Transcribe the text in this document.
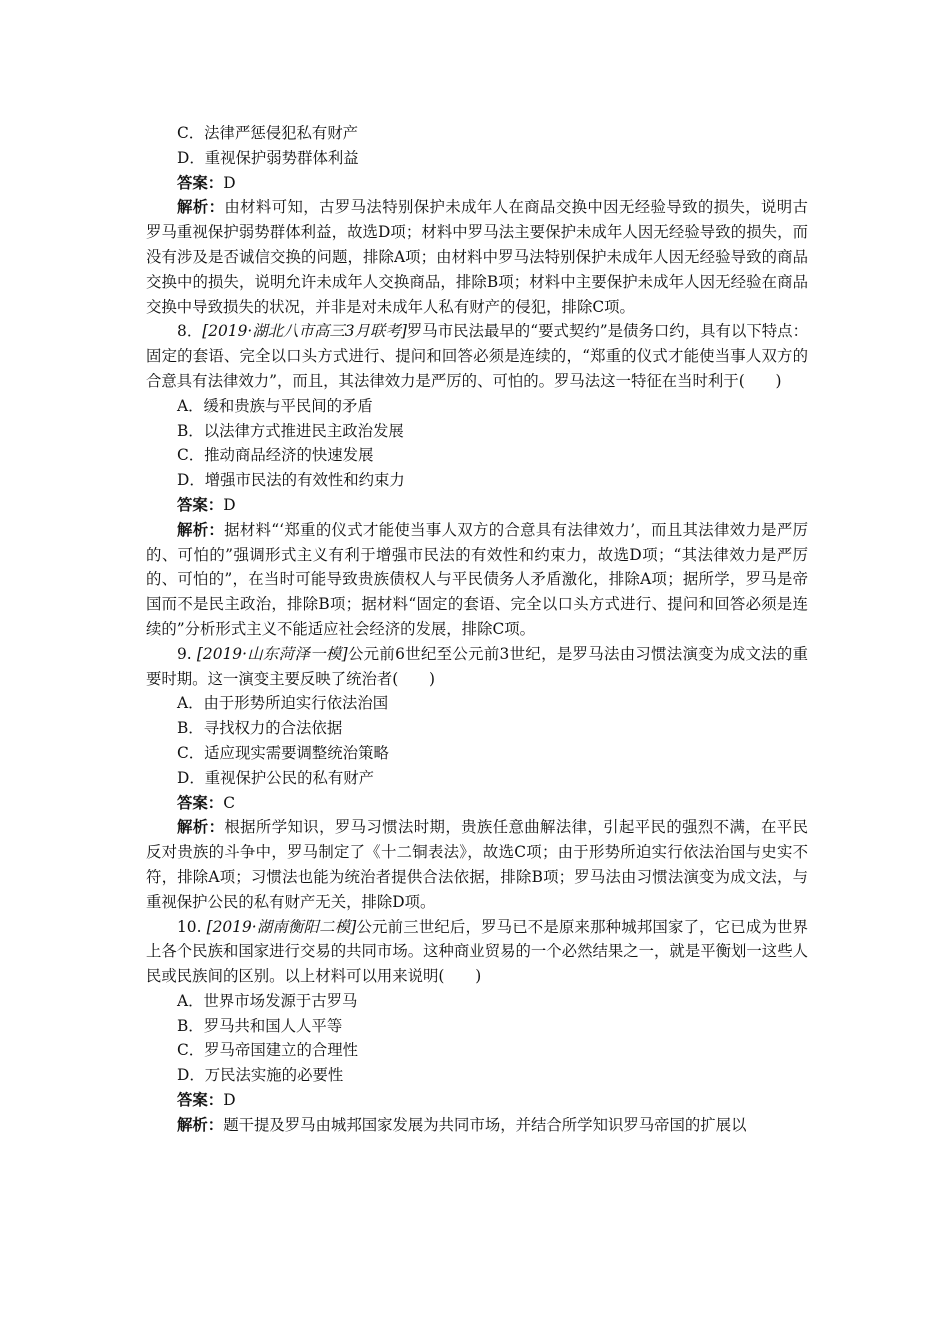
C．法律严惩侵犯私有财产

D．重视保护弱势群体利益

答案：D

解析：由材料可知，古罗马法特别保护未成年人在商品交换中因无经验导致的损失，说明古罗马重视保护弱势群体利益，故选D项；材料中罗马法主要保护未成年人因无经验导致的损失，而没有涉及是否诚信交换的问题，排除A项；由材料中罗马法特别保护未成年人因无经验导致的商品交换中的损失，说明允许未成年人交换商品，排除B项；材料中主要保护未成年人因无经验在商品交换中导致损失的状况，并非是对未成年人私有财产的侵犯，排除C项。

8．[2019·湖北八市高三3月联考]罗马市民法最早的“要式契约”是债务口约，具有以下特点：固定的套语、完全以口头方式进行、提问和回答必须是连续的，“郑重的仪式才能使当事人双方的合意具有法律效力”，而且，其法律效力是严厉的、可怕的。罗马法这一特征在当时利于(　　)

A．缓和贵族与平民间的矛盾

B．以法律方式推进民主政治发展

C．推动商品经济的快速发展

D．增强市民法的有效性和约束力

答案：D

解析：据材料“‘郑重的仪式才能使当事人双方的合意具有法律效力’，而且其法律效力是严厉的、可怕的”强调形式主义有利于增强市民法的有效性和约束力，故选D项；“其法律效力是严厉的、可怕的”，在当时可能导致贵族债权人与平民债务人矛盾激化，排除A项；据所学，罗马是帝国而不是民主政治，排除B项；据材料“固定的套语、完全以口头方式进行、提问和回答必须是连续的”分析形式主义不能适应社会经济的发展，排除C项。

9. [2019·山东菏泽一模]公元前6世纪至公元前3世纪，是罗马法由习惯法演变为成文法的重要时期。这一演变主要反映了统治者(　　)

A．由于形势所迫实行依法治国

B．寻找权力的合法依据

C．适应现实需要调整统治策略

D．重视保护公民的私有财产

答案：C

解析：根据所学知识，罗马习惯法时期，贵族任意曲解法律，引起平民的强烈不满，在平民反对贵族的斗争中，罗马制定了《十二铜表法》，故选C项；由于形势所迫实行依法治国与史实不符，排除A项；习惯法也能为统治者提供合法依据，排除B项；罗马法由习惯法演变为成文法，与重视保护公民的私有财产无关，排除D项。

10. [2019·湖南衡阳二模]公元前三世纪后，罗马已不是原来那种城邦国家了，它已成为世界上各个民族和国家进行交易的共同市场。这种商业贸易的一个必然结果之一，就是平衡划一这些人民或民族间的区别。以上材料可以用来说明(　　)

A．世界市场发源于古罗马

B．罗马共和国人人平等

C．罗马帝国建立的合理性

D．万民法实施的必要性

答案：D

解析：题干提及罗马由城邦国家发展为共同市场，并结合所学知识罗马帝国的扩展以
